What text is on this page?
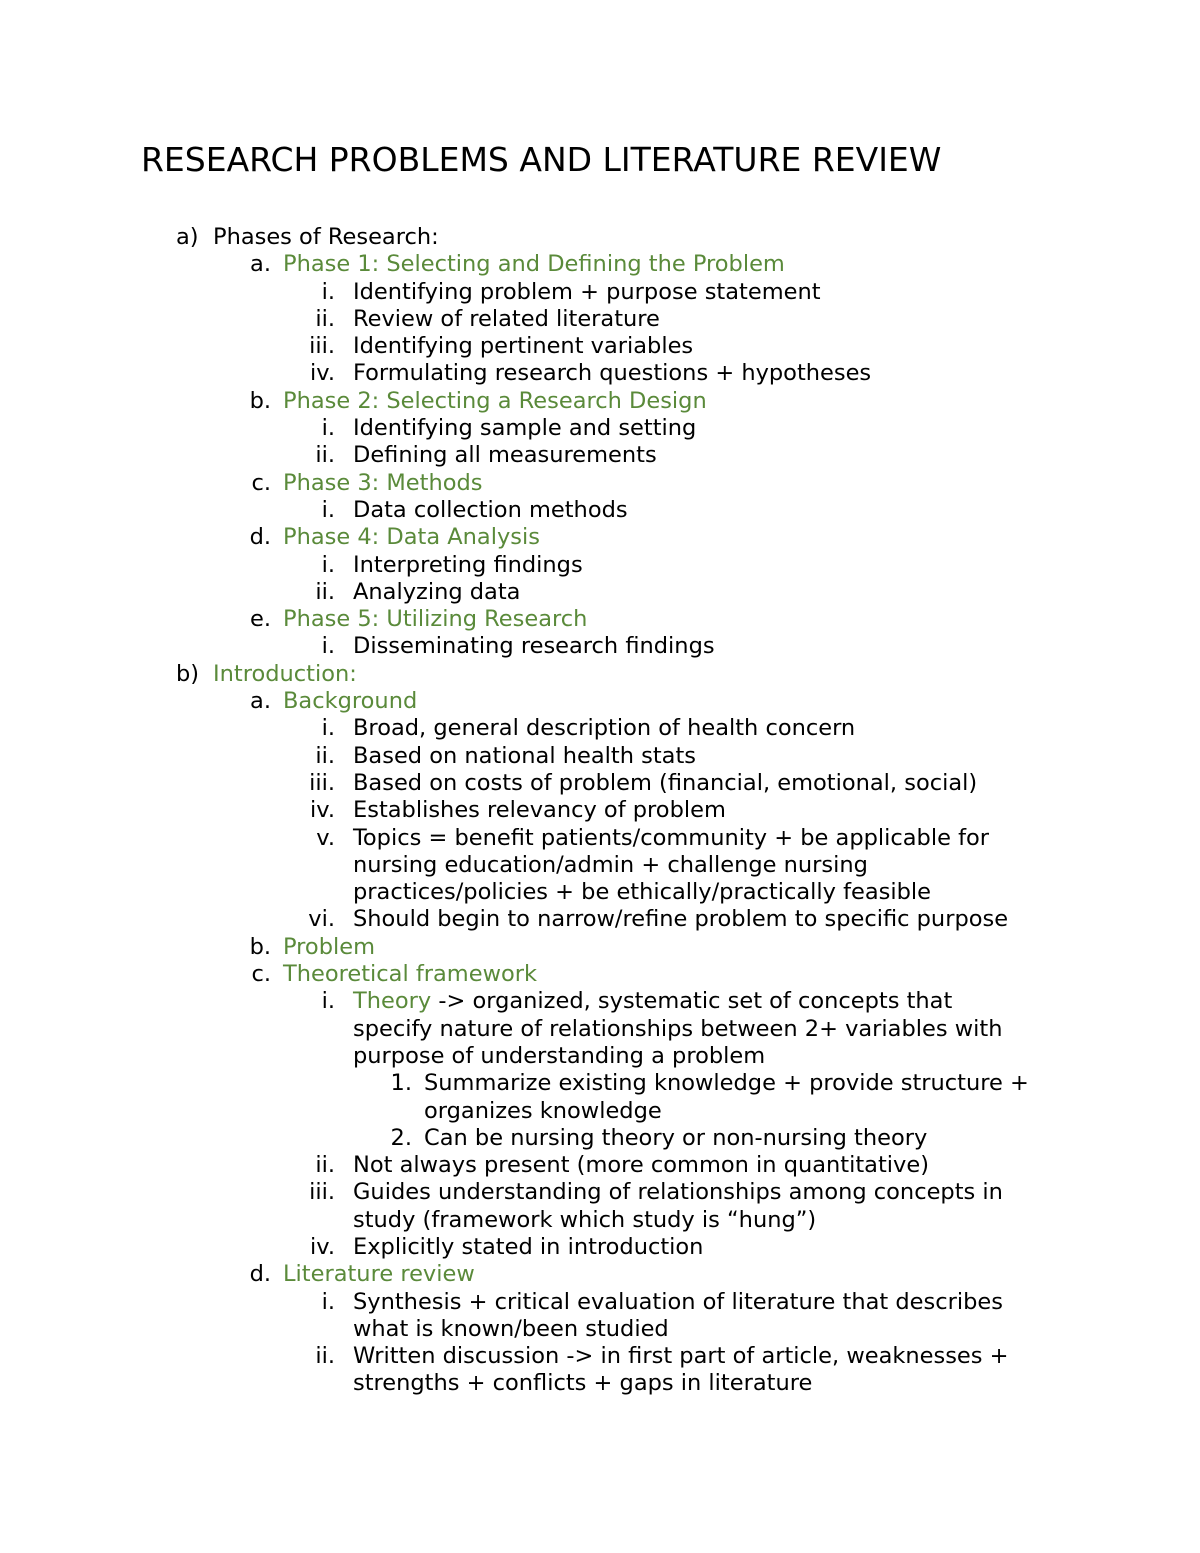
RESEARCH PROBLEMS AND LITERATURE REVIEW
a) Phases of Research:
a. Phase 1: Selecting and Defining the Problem
i. Identifying problem + purpose statement
ii. Review of related literature
iii. Identifying pertinent variables
iv. Formulating research questions + hypotheses
b. Phase 2: Selecting a Research Design
i. Identifying sample and setting
ii. Defining all measurements
c. Phase 3: Methods
i. Data collection methods
d. Phase 4: Data Analysis
i. Interpreting findings
ii. Analyzing data
e. Phase 5: Utilizing Research
i. Disseminating research findings
b) Introduction:
a. Background
i. Broad, general description of health concern
ii. Based on national health stats
iii. Based on costs of problem (financial, emotional, social)
iv. Establishes relevancy of problem
v. Topics = benefit patients/community + be applicable for
nursing education/admin + challenge nursing
practices/policies + be ethically/practically feasible
vi. Should begin to narrow/refine problem to specific purpose
b. Problem
c. Theoretical framework
i. Theory -> organized, systematic set of concepts that
specify nature of relationships between 2+ variables with
purpose of understanding a problem
1. Summarize existing knowledge + provide structure +
organizes knowledge
2. Can be nursing theory or non-nursing theory
ii. Not always present (more common in quantitative)
iii. Guides understanding of relationships among concepts in
study (framework which study is “hung”)
iv. Explicitly stated in introduction
d. Literature review
i. Synthesis + critical evaluation of literature that describes
what is known/been studied
ii. Written discussion -> in first part of article, weaknesses +
strengths + conflicts + gaps in literature
